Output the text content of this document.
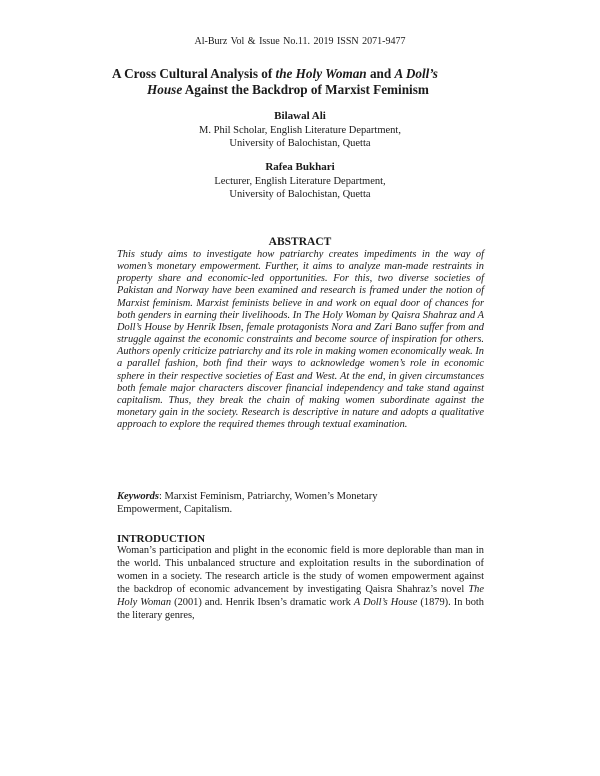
Al-Burz Vol & Issue No.11. 2019 ISSN 2071-9477
A Cross Cultural Analysis of the Holy Woman and A Doll’s
House Against the Backdrop of Marxist Feminism
Bilawal Ali
M. Phil Scholar, English Literature Department,
University of Balochistan, Quetta
Rafea Bukhari
Lecturer, English Literature Department,
University of Balochistan, Quetta
ABSTRACT
This study aims to investigate how patriarchy creates impediments in the way of women’s monetary empowerment. Further, it aims to analyze man-made restraints in property share and economic-led opportunities. For this, two diverse societies of Pakistan and Norway have been examined and research is framed under the notion of Marxist feminism. Marxist feminists believe in and work on equal door of chances for both genders in earning their livelihoods. In The Holy Woman by Qaisra Shahraz and A Doll’s House by Henrik Ibsen, female protagonists Nora and Zari Bano suffer from and struggle against the economic constraints and become source of inspiration for others. Authors openly criticize patriarchy and its role in making women economically weak. In a parallel fashion, both find their ways to acknowledge women’s role in economic sphere in their respective societies of East and West. At the end, in given circumstances both female major characters discover financial independency and take stand against capitalism. Thus, they break the chain of making women subordinate against the monetary gain in the society. Research is descriptive in nature and adopts a qualitative approach to explore the required themes through textual examination.
Keywords: Marxist Feminism, Patriarchy, Women’s Monetary Empowerment, Capitalism.
INTRODUCTION
Woman’s participation and plight in the economic field is more deplorable than man in the world. This unbalanced structure and exploitation results in the subordination of women in a society. The research article is the study of women empowerment against the backdrop of economic advancement by investigating Qaisra Shahraz’s novel The Holy Woman (2001) and. Henrik Ibsen’s dramatic work A Doll’s House (1879). In both the literary genres,
